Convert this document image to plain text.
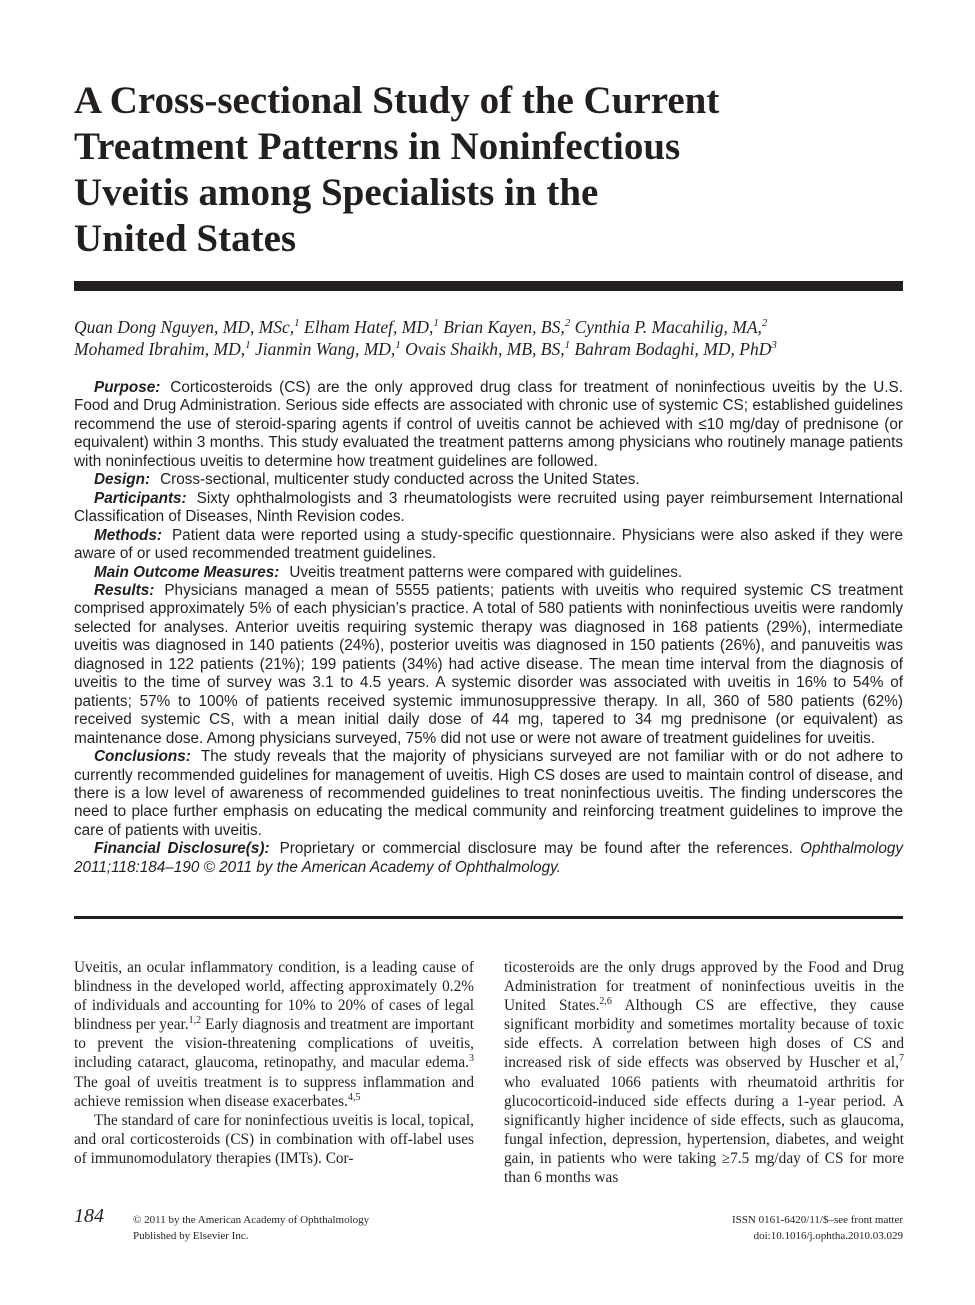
A Cross-sectional Study of the Current
Treatment Patterns in Noninfectious
Uveitis among Specialists in the
United States
Quan Dong Nguyen, MD, MSc,$^1$ Elham Hatef, MD,$^1$ Brian Kayen, BS,$^2$ Cynthia P. Macahilig, MA,$^2$
Mohamed Ibrahim, MD,$^1$ Jianmin Wang, MD,$^1$ Ovais Shaikh, MB, BS,$^1$ Bahram Bodaghi, MD, PhD$^3$

Purpose: Corticosteroids (CS) are the only approved drug class for treatment of noninfectious uveitis by the U.S. Food and Drug Administration. Serious side effects are associated with chronic use of systemic CS; established guidelines recommend the use of steroid-sparing agents if control of uveitis cannot be achieved with ≤10 mg/day of prednisone (or equivalent) within 3 months. This study evaluated the treatment patterns among physicians who routinely manage patients with noninfectious uveitis to determine how treatment guidelines are followed.

Design: Cross-sectional, multicenter study conducted across the United States.

Participants: Sixty ophthalmologists and 3 rheumatologists were recruited using payer reimbursement International Classification of Diseases, Ninth Revision codes.

Methods: Patient data were reported using a study-specific questionnaire. Physicians were also asked if they were aware of or used recommended treatment guidelines.

Main Outcome Measures: Uveitis treatment patterns were compared with guidelines.

Results: Physicians managed a mean of 5555 patients; patients with uveitis who required systemic CS treatment comprised approximately 5% of each physician’s practice. A total of 580 patients with noninfectious uveitis were randomly selected for analyses. Anterior uveitis requiring systemic therapy was diagnosed in 168 patients (29%), intermediate uveitis was diagnosed in 140 patients (24%), posterior uveitis was diagnosed in 150 patients (26%), and panuveitis was diagnosed in 122 patients (21%); 199 patients (34%) had active disease. The mean time interval from the diagnosis of uveitis to the time of survey was 3.1 to 4.5 years. A systemic disorder was associated with uveitis in 16% to 54% of patients; 57% to 100% of patients received systemic immunosuppressive therapy. In all, 360 of 580 patients (62%) received systemic CS, with a mean initial daily dose of 44 mg, tapered to 34 mg prednisone (or equivalent) as maintenance dose. Among physicians surveyed, 75% did not use or were not aware of treatment guidelines for uveitis.

Conclusions: The study reveals that the majority of physicians surveyed are not familiar with or do not adhere to currently recommended guidelines for management of uveitis. High CS doses are used to maintain control of disease, and there is a low level of awareness of recommended guidelines to treat noninfectious uveitis. The finding underscores the need to place further emphasis on educating the medical community and reinforcing treatment guidelines to improve the care of patients with uveitis.

Financial Disclosure(s): Proprietary or commercial disclosure may be found after the references. Ophthalmology 2011;118:184–190 © 2011 by the American Academy of Ophthalmology.

Uveitis, an ocular inflammatory condition, is a leading cause of blindness in the developed world, affecting approximately 0.2% of individuals and accounting for 10% to 20% of cases of legal blindness per year.$^{1,2}$ Early diagnosis and treatment are important to prevent the vision-threatening complications of uveitis, including cataract, glaucoma, retinopathy, and macular edema.$^3$ The goal of uveitis treatment is to suppress inflammation and achieve remission when disease exacerbates.$^{4,5}$

The standard of care for noninfectious uveitis is local, topical, and oral corticosteroids (CS) in combination with off-label uses of immunomodulatory therapies (IMTs). Cor-

ticosteroids are the only drugs approved by the Food and Drug Administration for treatment of noninfectious uveitis in the United States.$^{2,6}$ Although CS are effective, they cause significant morbidity and sometimes mortality because of toxic side effects. A correlation between high doses of CS and increased risk of side effects was observed by Huscher et al,$^7$ who evaluated 1066 patients with rheumatoid arthritis for glucocorticoid-induced side effects during a 1-year period. A significantly higher incidence of side effects, such as glaucoma, fungal infection, depression, hypertension, diabetes, and weight gain, in patients who were taking ≥7.5 mg/day of CS for more than 6 months was

184	© 2011 by the American Academy of Ophthalmology
Published by Elsevier Inc.
ISSN 0161-6420/11/$–see front matter
doi:10.1016/j.ophtha.2010.03.029
